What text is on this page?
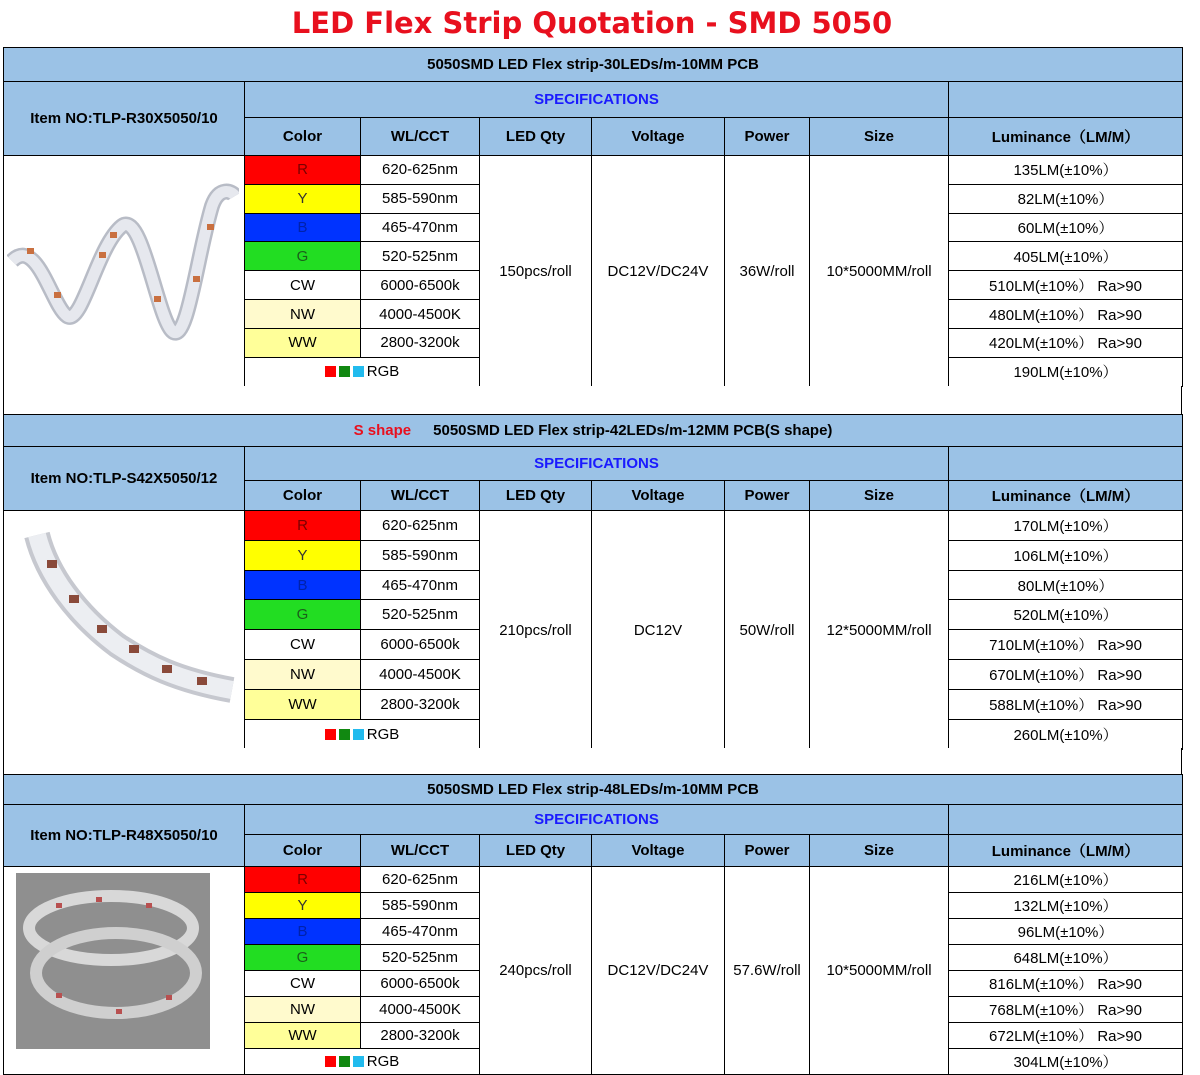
LED Flex Strip Quotation - SMD 5050
5050SMD LED Flex strip-30LEDs/m-10MM PCB							
Item NO:TLP-R30X5050/10	SPECIFICATIONS						
	Color	WL/CCT	LED Qty	Voltage	Power	Size	Luminance（LM/M）

	R	620-625nm	150pcs/roll	DC12V/DC24V	36W/roll	10*5000MM/roll	135LM(±10%）
	Y	585-590nm					82LM(±10%）
	B	465-470nm					60LM(±10%）
	G	520-525nm					405LM(±10%）
	CW	6000-6500k					510LM(±10%） Ra>90
	NW	4000-4500K					480LM(±10%） Ra>90
	WW	2800-3200k					420LM(±10%） Ra>90
	RGB						190LM(±10%）
S shape 5050SMD LED Flex strip-42LEDs/m-12MM PCB(S shape)							
Item NO:TLP-S42X5050/12	SPECIFICATIONS						
	Color	WL/CCT	LED Qty	Voltage	Power	Size	Luminance（LM/M）

	R	620-625nm	210pcs/roll	DC12V	50W/roll	12*5000MM/roll	170LM(±10%）
	Y	585-590nm					106LM(±10%）
	B	465-470nm					80LM(±10%）
	G	520-525nm					520LM(±10%）
	CW	6000-6500k					710LM(±10%） Ra>90
	NW	4000-4500K					670LM(±10%） Ra>90
	WW	2800-3200k					588LM(±10%） Ra>90
	RGB						260LM(±10%）
5050SMD LED Flex strip-48LEDs/m-10MM PCB							
Item NO:TLP-R48X5050/10	SPECIFICATIONS						
	Color	WL/CCT	LED Qty	Voltage	Power	Size	Luminance（LM/M）

	R	620-625nm	240pcs/roll	DC12V/DC24V	57.6W/roll	10*5000MM/roll	216LM(±10%）
	Y	585-590nm					132LM(±10%）
	B	465-470nm					96LM(±10%）
	G	520-525nm					648LM(±10%）
	CW	6000-6500k					816LM(±10%） Ra>90
	NW	4000-4500K					768LM(±10%） Ra>90
	WW	2800-3200k					672LM(±10%） Ra>90
	RGB						304LM(±10%）
